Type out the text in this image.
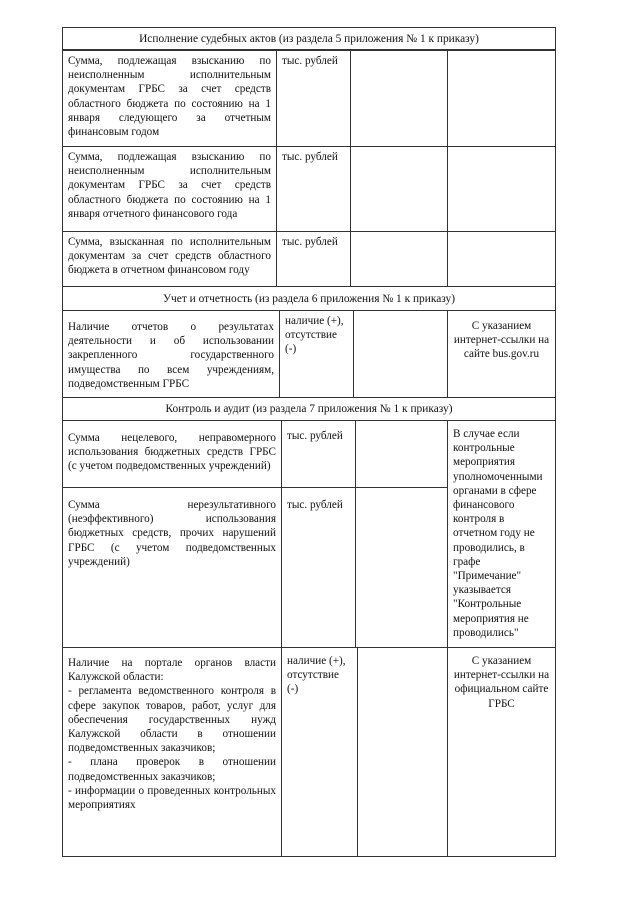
Исполнение судебных актов (из раздела 5 приложения № 1 к приказу)
Сумма, подлежащая взысканию по неисполненным исполнительным документам ГРБС за счет средств областного бюджета по состоянию на 1 января следующего за отчетным финансовым годом
тыс. рублей
Сумма, подлежащая взысканию по неисполненным исполнительным документам ГРБС за счет средств областного бюджета по состоянию на 1 января отчетного финансового года
тыс. рублей
Сумма, взысканная по исполнительным документам за счет средств областного бюджета в отчетном финансовом году
тыс. рублей
Учет и отчетность (из раздела 6 приложения № 1 к приказу)
Наличие отчетов о результатах деятельности и об использовании закрепленного государственного имущества по всем учреждениям, подведомственным ГРБС
наличие (+), отсутствие (-)
С указанием интернет-ссылки на сайте bus.gov.ru
Контроль и аудит (из раздела 7 приложения № 1 к приказу)
Сумма нецелевого, неправомерного использования бюджетных средств ГРБС (с учетом подведомственных учреждений)
тыс. рублей
Сумма нерезультативного (неэффективного) использования бюджетных средств, прочих нарушений ГРБС (с учетом подведомственных учреждений)
тыс. рублей
В случае если контрольные мероприятия уполномоченными органами в сфере финансового контроля в отчетном году не проводились, в графе "Примечание" указывается "Контрольные мероприятия не проводились"
Наличие на портале органов власти Калужской области:
- регламента ведомственного контроля в сфере закупок товаров, работ, услуг для обеспечения государственных нужд Калужской области в отношении подведомственных заказчиков;
- плана проверок в отношении подведомственных заказчиков;
- информации о проведенных контрольных мероприятиях
наличие (+), отсутствие (-)
С указанием интернет-ссылки на официальном сайте ГРБС
